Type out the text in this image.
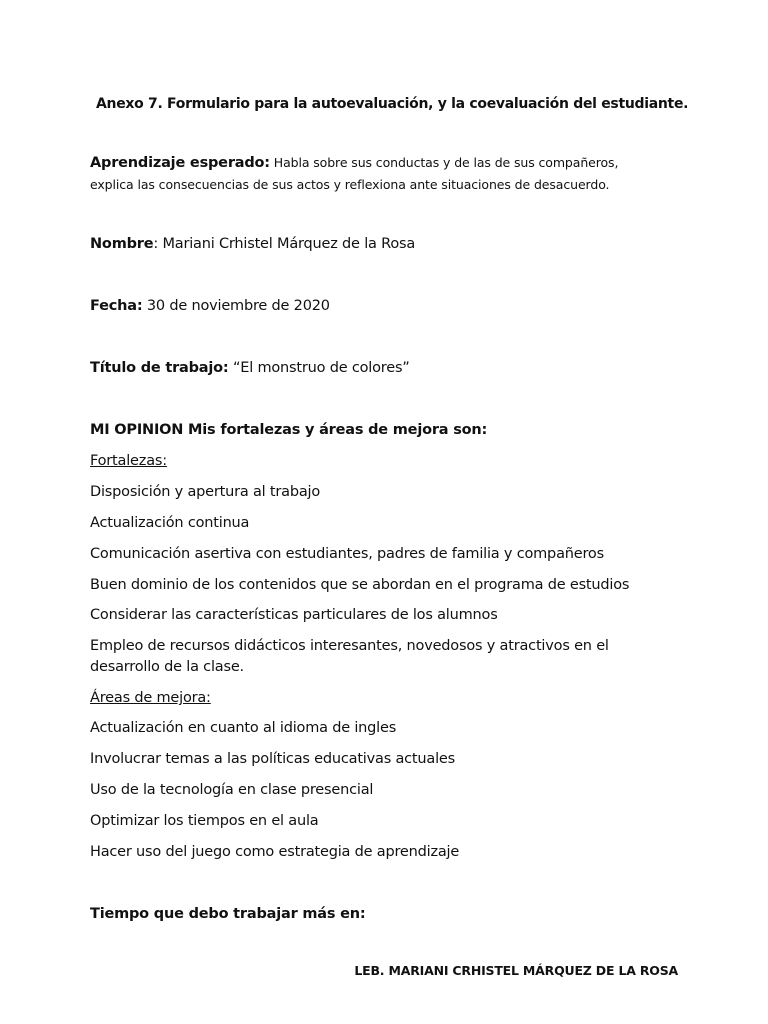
Anexo 7. Formulario para la autoevaluación, y la coevaluación del estudiante.
Aprendizaje esperado: Habla sobre sus conductas y de las de sus compañeros,
explica las consecuencias de sus actos y reflexiona ante situaciones de desacuerdo.
Nombre: Mariani Crhistel Márquez de la Rosa
Fecha: 30 de noviembre de 2020
Título de trabajo: “El monstruo de colores”
MI OPINION Mis fortalezas y áreas de mejora son:
Fortalezas:
Disposición y apertura al trabajo
Actualización continua
Comunicación asertiva con estudiantes, padres de familia y compañeros
Buen dominio de los contenidos que se abordan en el programa de estudios
Considerar las características particulares de los alumnos
Empleo de recursos didácticos interesantes, novedosos y atractivos en el
desarrollo de la clase.
Áreas de mejora:
Actualización en cuanto al idioma de ingles
Involucrar temas a las políticas educativas actuales
Uso de la tecnología en clase presencial
Optimizar los tiempos en el aula
Hacer uso del juego como estrategia de aprendizaje
Tiempo que debo trabajar más en:
LEB. MARIANI CRHISTEL MÁRQUEZ DE LA ROSA
